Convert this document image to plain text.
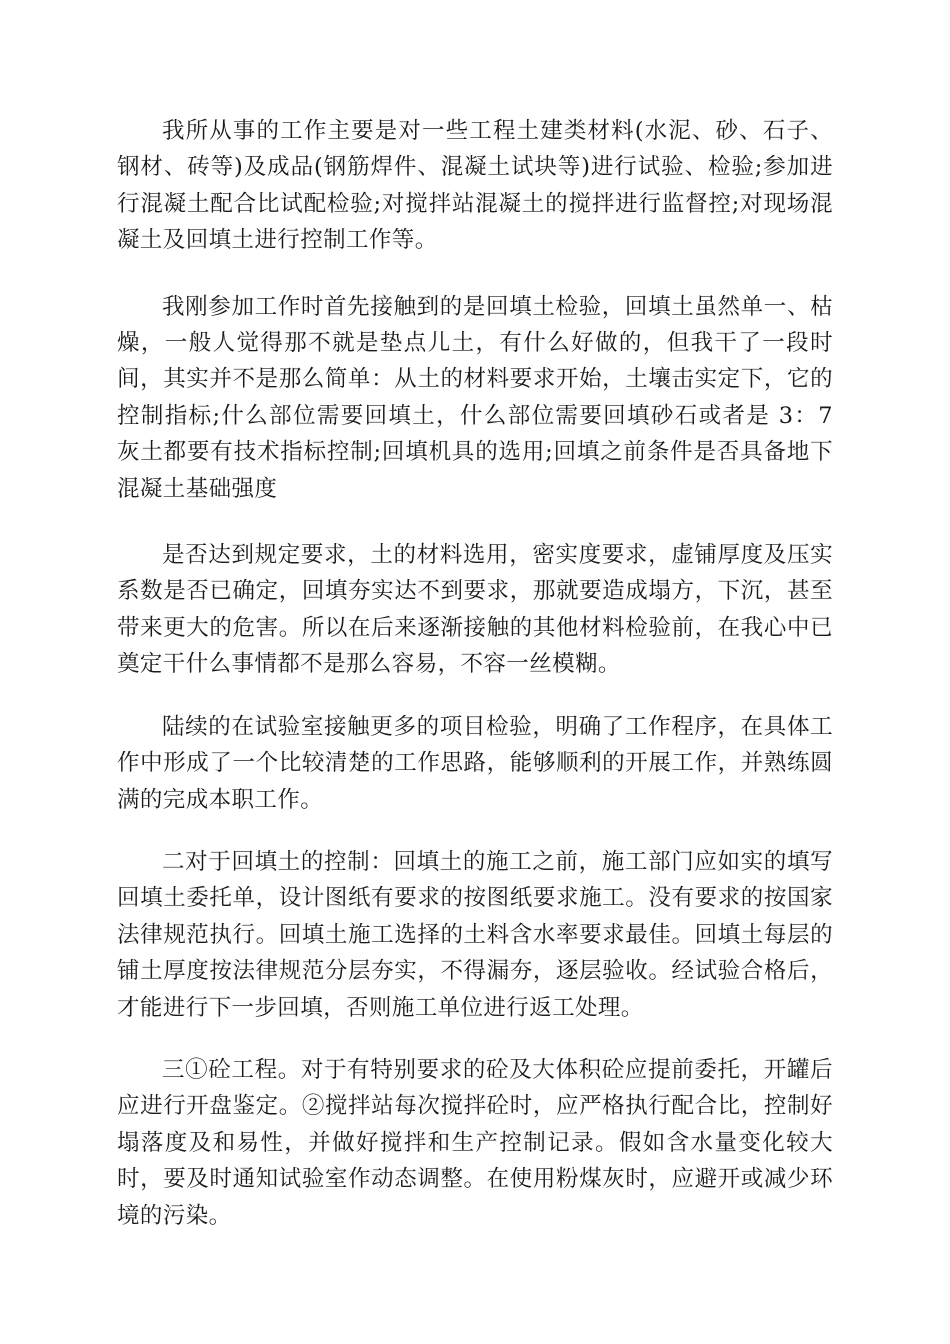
我所从事的工作主要是对一些工程土建类材料(水泥、砂、石子、钢材、砖等)及成品(钢筋焊件、混凝土试块等)进行试验、检验;参加进行混凝土配合比试配检验;对搅拌站混凝土的搅拌进行监督控;对现场混凝土及回填土进行控制工作等。

我刚参加工作时首先接触到的是回填土检验，回填土虽然单一、枯燥，一般人觉得那不就是垫点儿土，有什么好做的，但我干了一段时间，其实并不是那么简单：从土的材料要求开始，土壤击实定下，它的控制指标;什么部位需要回填土，什么部位需要回填砂石或者是 3：7 灰土都要有技术指标控制;回填机具的选用;回填之前条件是否具备地下混凝土基础强度

是否达到规定要求，土的材料选用，密实度要求，虚铺厚度及压实系数是否已确定，回填夯实达不到要求，那就要造成塌方，下沉，甚至带来更大的危害。所以在后来逐渐接触的其他材料检验前，在我心中已奠定干什么事情都不是那么容易，不容一丝模糊。

陆续的在试验室接触更多的项目检验，明确了工作程序，在具体工作中形成了一个比较清楚的工作思路，能够顺利的开展工作，并熟练圆满的完成本职工作。

二对于回填土的控制：回填土的施工之前，施工部门应如实的填写回填土委托单，设计图纸有要求的按图纸要求施工。没有要求的按国家法律规范执行。回填土施工选择的土料含水率要求最佳。回填土每层的铺土厚度按法律规范分层夯实，不得漏夯，逐层验收。经试验合格后，才能进行下一步回填，否则施工单位进行返工处理。

三①砼工程。对于有特别要求的砼及大体积砼应提前委托，开罐后应进行开盘鉴定。②搅拌站每次搅拌砼时，应严格执行配合比，控制好塌落度及和易性，并做好搅拌和生产控制记录。假如含水量变化较大时，要及时通知试验室作动态调整。在使用粉煤灰时，应避开或减少环境的污染。
